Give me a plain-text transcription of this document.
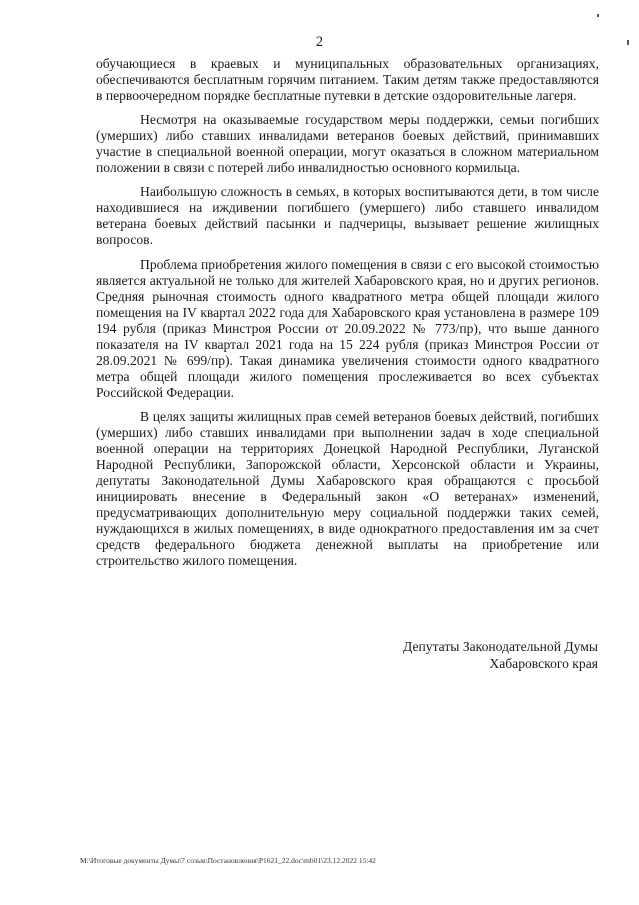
2

обучающиеся в краевых и муниципальных образовательных организациях, обеспечиваются бесплатным горячим питанием. Таким детям также предоставляются в первоочередном порядке бесплатные путевки в детские оздоровительные лагеря.

Несмотря на оказываемые государством меры поддержки, семьи погибших (умерших) либо ставших инвалидами ветеранов боевых действий, принимавших участие в специальной военной операции, могут оказаться в сложном материальном положении в связи с потерей либо инвалидностью основного кормильца.

Наибольшую сложность в семьях, в которых воспитываются дети, в том числе находившиеся на иждивении погибшего (умершего) либо ставшего инвалидом ветерана боевых действий пасынки и падчерицы, вызывает решение жилищных вопросов.

Проблема приобретения жилого помещения в связи с его высокой стоимостью является актуальной не только для жителей Хабаровского края, но и других регионов. Средняя рыночная стоимость одного квадратного метра общей площади жилого помещения на IV квартал 2022 года для Хабаровского края установлена в размере 109 194 рубля (приказ Минстроя России от 20.09.2022 № 773/пр), что выше данного показателя на IV квартал 2021 года на 15 224 рубля (приказ Минстроя России от 28.09.2021 № 699/пр). Такая динамика увеличения стоимости одного квадратного метра общей площади жилого помещения прослеживается во всех субъектах Российской Федерации.

В целях защиты жилищных прав семей ветеранов боевых действий, погибших (умерших) либо ставших инвалидами при выполнении задач в ходе специальной военной операции на территориях Донецкой Народной Республики, Луганской Народной Республики, Запорожской области, Херсонской области и Украины, депутаты Законодательной Думы Хабаровского края обращаются с просьбой инициировать внесение в Федеральный закон «О ветеранах» изменений, предусматривающих дополнительную меру социальной поддержки таких семей, нуждающихся в жилых помещениях, в виде однократного предоставления им за счет средств федерального бюджета денежной выплаты на приобретение или строительство жилого помещения.

Депутаты Законодательной Думы
Хабаровского края
M:\Итоговые документы Думы\7 созыв\Постановления\P1621_22.doc\mb01\23.12.2022 15:42
